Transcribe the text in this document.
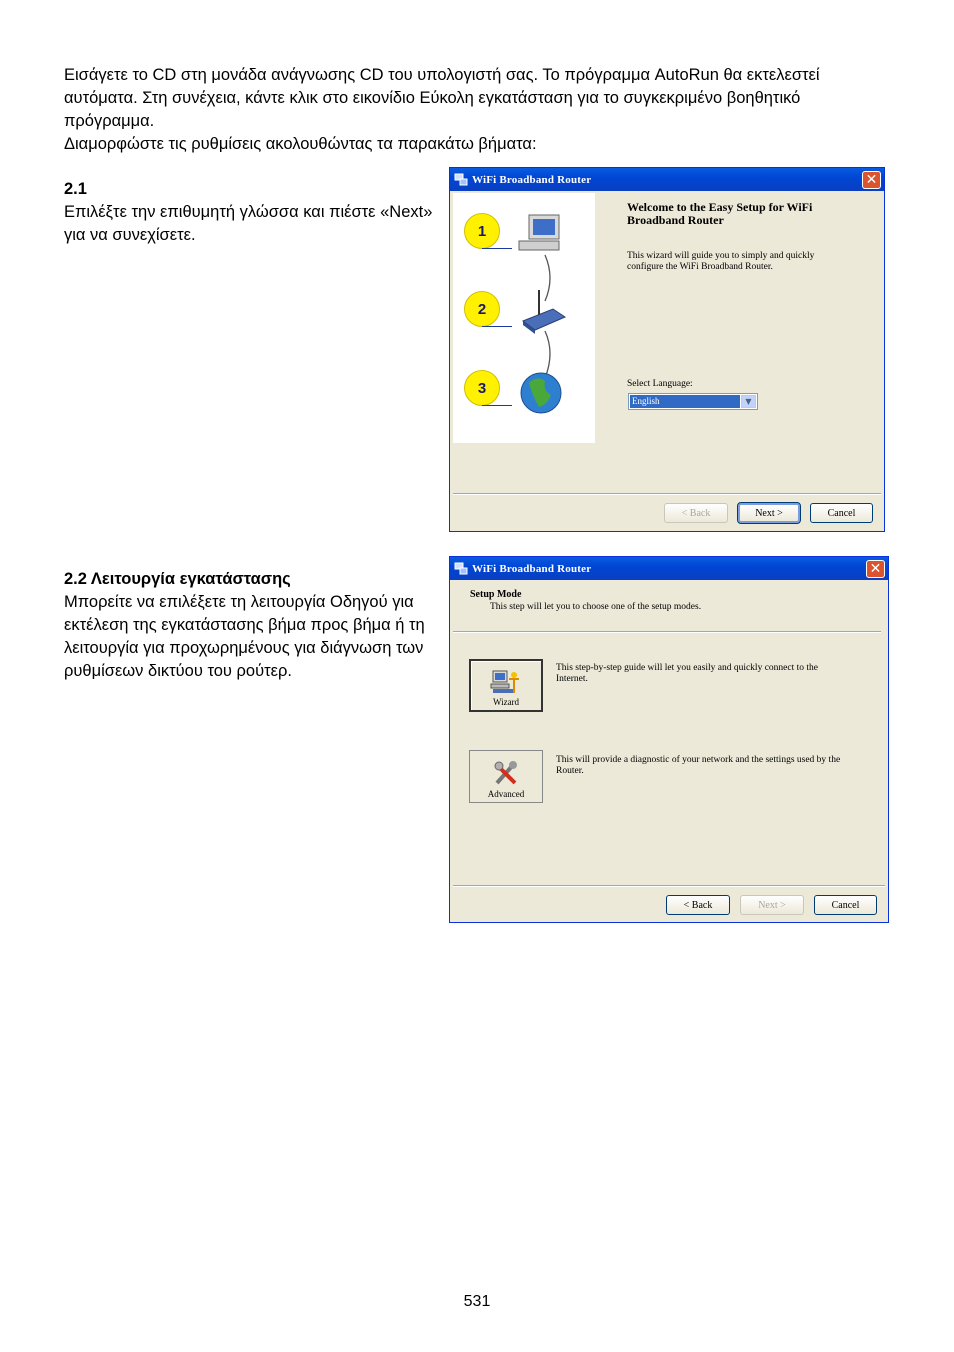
Εισάγετε το CD στη μονάδα ανάγνωσης CD του υπολογιστή σας. Το πρόγραμμα AutoRun θα εκτελεστεί αυτόματα. Στη συνέχεια, κάντε κλικ στο εικονίδιο Εύκολη εγκατάσταση για το συγκεκριμένο βοηθητικό πρόγραμμα.

Διαμορφώστε τις ρυθμίσεις ακολουθώντας τα παρακάτω βήματα:

2.1
Επιλέξτε την επιθυμητή γλώσσα και πιέστε «Next» για να συνεχίσετε.
2.2 Λειτουργία εγκατάστασης
Μπορείτε να επιλέξετε τη λειτουργία Οδηγού για εκτέλεση της εγκατάστασης βήμα προς βήμα ή τη λειτουργία για προχωρημένους για διάγνωση των ρυθμίσεων δικτύου του ρούτερ.
WiFi Broadband Router	✕
1
2
3
Welcome to the Easy Setup for WiFi Broadband Router
This wizard will guide you to simply and quickly configure the WiFi Broadband Router.
Select Language:
English	▼
< Back	Next >	Cancel
WiFi Broadband Router	✕
Setup Mode
This step will let you to choose one of the setup modes.
Wizard
This step-by-step guide will let you easily and quickly connect to the Internet.
Advanced
This will provide a diagnostic of your network and the settings used by the Router.
< Back	Next >	Cancel
531
